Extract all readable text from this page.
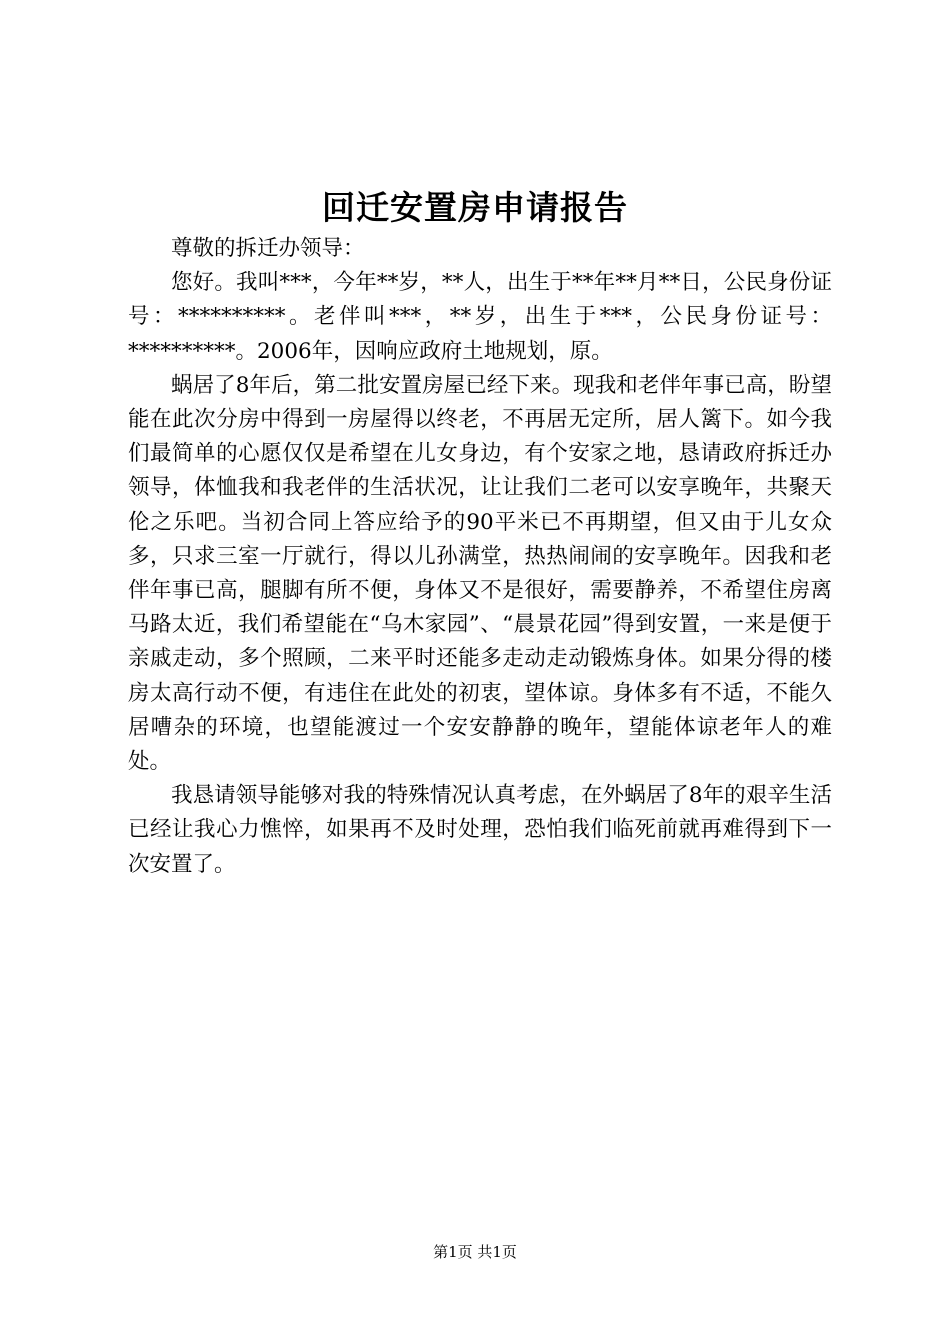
回迁安置房申请报告

尊敬的拆迁办领导：

您好。我叫***，今年**岁，**人，出生于**年**月**日，公民身份证号：**********。老伴叫***，**岁，出生于***，公民身份证号：**********。2006年，因响应政府土地规划，原。

蜗居了8年后，第二批安置房屋已经下来。现我和老伴年事已高，盼望能在此次分房中得到一房屋得以终老，不再居无定所，居人篱下。如今我们最简单的心愿仅仅是希望在儿女身边，有个安家之地，恳请政府拆迁办领导，体恤我和我老伴的生活状况，让让我们二老可以安享晚年，共聚天伦之乐吧。当初合同上答应给予的90平米已不再期望，但又由于儿女众多，只求三室一厅就行，得以儿孙满堂，热热闹闹的安享晚年。因我和老伴年事已高，腿脚有所不便，身体又不是很好，需要静养，不希望住房离马路太近，我们希望能在“乌木家园”、“晨景花园”得到安置，一来是便于亲戚走动，多个照顾，二来平时还能多走动走动锻炼身体。如果分得的楼房太高行动不便，有违住在此处的初衷，望体谅。身体多有不适，不能久居嘈杂的环境，也望能渡过一个安安静静的晚年，望能体谅老年人的难处。

我恳请领导能够对我的特殊情况认真考虑，在外蜗居了8年的艰辛生活已经让我心力憔悴，如果再不及时处理，恐怕我们临死前就再难得到下一次安置了。

第1页 共1页
